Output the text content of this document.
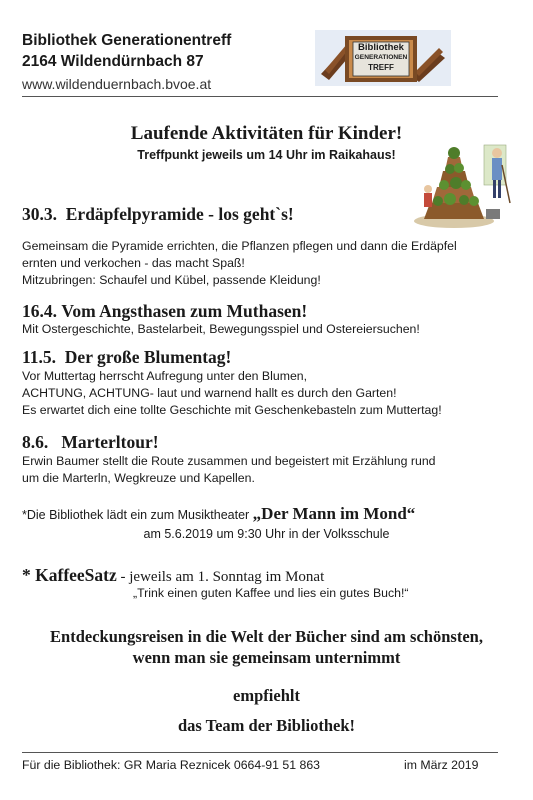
Bibliothek Generationentreff
2164 Wildendürnbach 87
www.wildenduernbach.bvoe.at
Bibliothek
GENERATIONEN
TREFF
Laufende Aktivitäten für Kinder!
Treffpunkt jeweils um 14 Uhr im Raikahaus!
30.3. Erdäpfelpyramide - los geht`s!
Gemeinsam die Pyramide errichten, die Pflanzen pflegen und dann die Erdäpfel
ernten und verkochen - das macht Spaß!
Mitzubringen: Schaufel und Kübel, passende Kleidung!
16.4. Vom Angsthasen zum Muthasen!
Mit Ostergeschichte, Bastelarbeit, Bewegungsspiel und Ostereiersuchen!
11.5. Der große Blumentag!
Vor Muttertag herrscht Aufregung unter den Blumen,
ACHTUNG, ACHTUNG- laut und warnend hallt es durch den Garten!
Es erwartet dich eine tollte Geschichte mit Geschenkebasteln zum Muttertag!
8.6. Marterltour!
Erwin Baumer stellt die Route zusammen und begeistert mit Erzählung rund
um die Marterln, Wegkreuze und Kapellen.
*Die Bibliothek lädt ein zum Musiktheater „Der Mann im Mond“
am 5.6.2019 um 9:30 Uhr in der Volksschule
* KaffeeSatz - jeweils am 1. Sonntag im Monat
„Trink einen guten Kaffee und lies ein gutes Buch!“
Entdeckungsreisen in die Welt der Bücher sind am schönsten,
wenn man sie gemeinsam unternimmt
empfiehlt
das Team der Bibliothek!
Für die Bibliothek: GR Maria Reznicek 0664-91 51 863	im März 2019
